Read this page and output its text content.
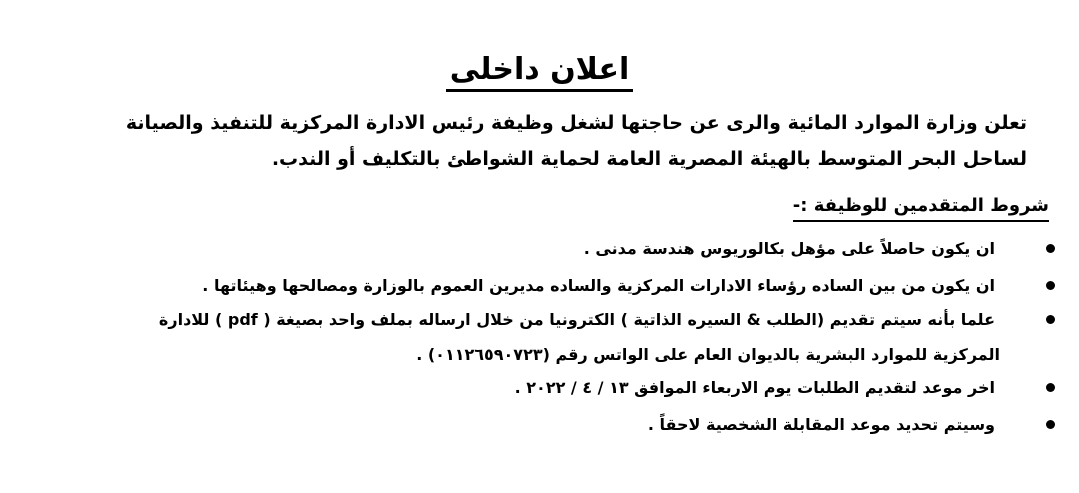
اعلان داخلى
تعلن وزارة الموارد المائية والرى عن حاجتها لشغل وظيفة رئيس الادارة المركزية للتنفيذ والصيانة
لساحل البحر المتوسط بالهيئة المصرية العامة لحماية الشواطئ بالتكليف أو الندب.
شروط المتقدمين للوظيفة :-
ان يكون حاصلاً على مؤهل بكالوريوس هندسة مدنى .
ان يكون من بين الساده رؤساء الادارات المركزية والساده مديرين العموم بالوزارة ومصالحها وهيئاتها .
علما بأنه سيتم تقديم (الطلب & السيره الذاتية ) الكترونيا من خلال ارساله بملف واحد بصيغة ( pdf ) للادارة
المركزية للموارد البشرية بالديوان العام على الواتس رقم (٠١١٢٦٥٩٠٧٢٣) .
اخر موعد لتقديم الطلبات يوم الاربعاء الموافق ١٣ / ٤ / ٢٠٢٢ .
وسيتم تحديد موعد المقابلة الشخصية لاحقاً .
